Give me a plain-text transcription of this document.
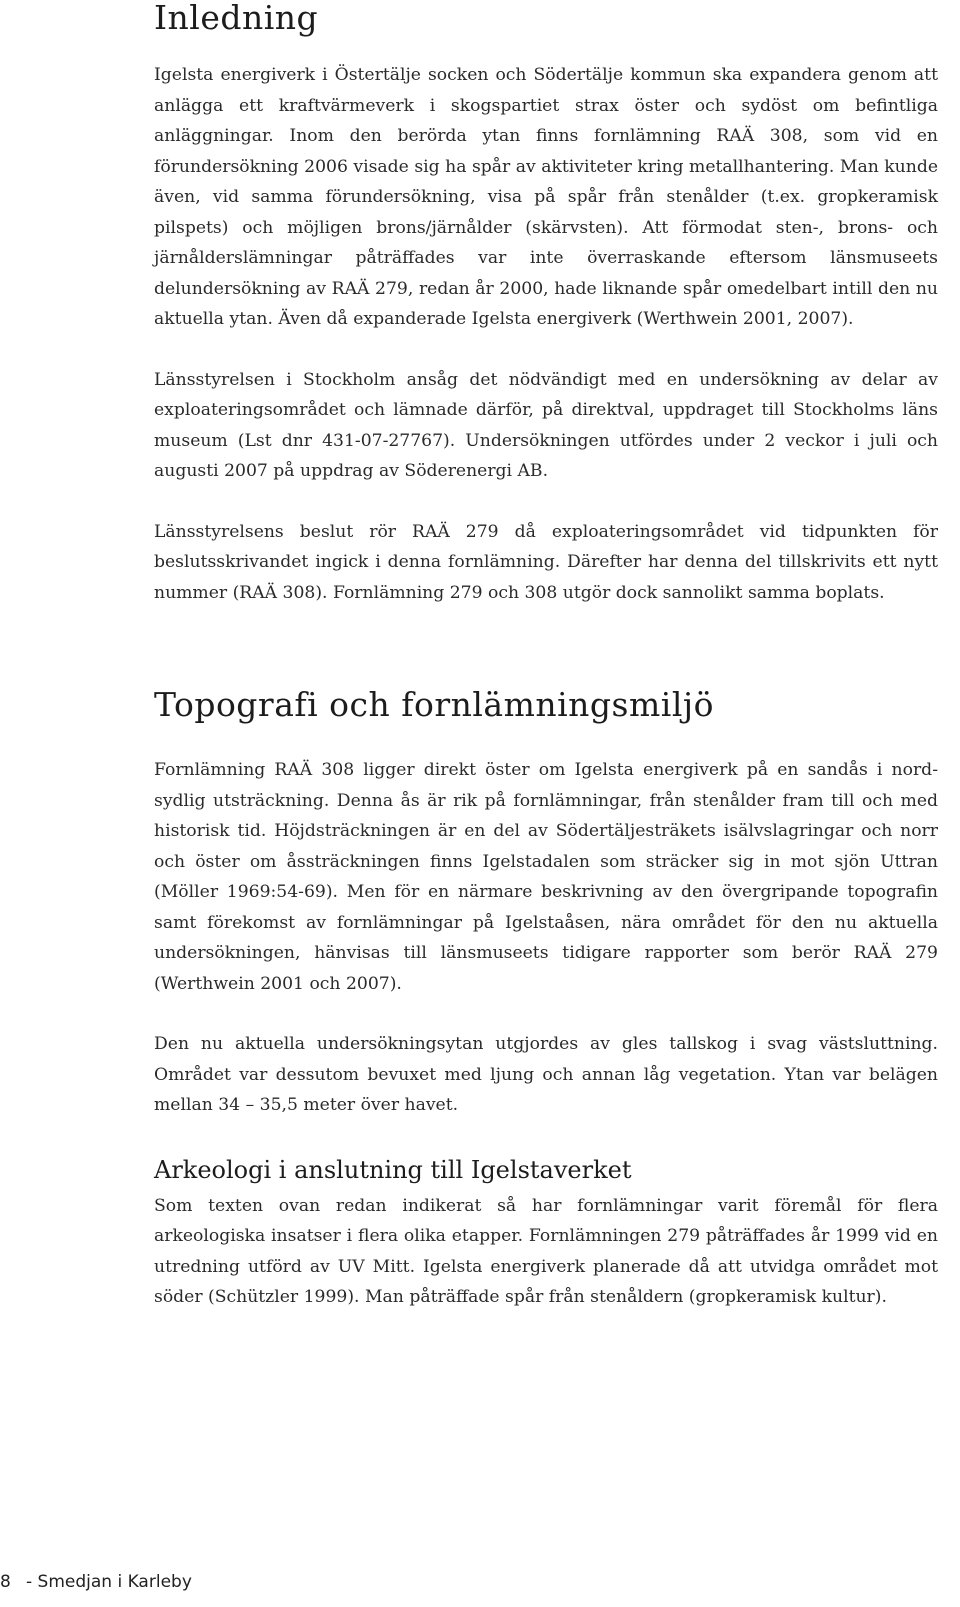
Inledning

Igelsta energiverk i Östertälje socken och Södertälje kommun ska expandera genom att anlägga ett kraftvärmeverk i skogspartiet strax öster och sydöst om befintliga anläggningar. Inom den berörda ytan finns fornlämning RAÄ 308, som vid en förundersökning 2006 visade sig ha spår av aktiviteter kring metallhantering. Man kunde även, vid samma förundersökning, visa på spår från stenålder (t.ex. gropkeramisk pilspets) och möjligen brons/järnålder (skärvsten). Att förmodat sten-, brons- och järnålderslämningar påträffades var inte överraskande eftersom länsmuseets delundersökning av RAÄ 279, redan år 2000, hade liknande spår omedelbart intill den nu aktuella ytan. Även då expanderade Igelsta energiverk (Werthwein 2001, 2007).

Länsstyrelsen i Stockholm ansåg det nödvändigt med en undersökning av delar av exploateringsområdet och lämnade därför, på direktval, uppdraget till Stockholms läns museum (Lst dnr 431-07-27767). Undersökningen utfördes under 2 veckor i juli och augusti 2007 på uppdrag av Söderenergi AB.

Länsstyrelsens beslut rör RAÄ 279 då exploateringsområdet vid tidpunkten för beslutsskrivandet ingick i denna fornlämning. Därefter har denna del tillskrivits ett nytt nummer (RAÄ 308). Fornlämning 279 och 308 utgör dock sannolikt samma boplats.

Topografi och fornlämningsmiljö

Fornlämning RAÄ 308 ligger direkt öster om Igelsta energiverk på en sandås i nord-sydlig utsträckning. Denna ås är rik på fornlämningar, från stenålder fram till och med historisk tid. Höjdsträckningen är en del av Södertäljesträkets isälvslagringar och norr och öster om åssträckningen finns Igelstadalen som sträcker sig in mot sjön Uttran (Möller 1969:54-69). Men för en närmare beskrivning av den övergripande topografin samt förekomst av fornlämningar på Igelstaåsen, nära området för den nu aktuella undersökningen, hänvisas till länsmuseets tidigare rapporter som berör RAÄ 279 (Werthwein 2001 och 2007).

Den nu aktuella undersökningsytan utgjordes av gles tallskog i svag västsluttning. Området var dessutom bevuxet med ljung och annan låg vegetation. Ytan var belägen mellan 34 – 35,5 meter över havet.

Arkeologi i anslutning till Igelstaverket

Som texten ovan redan indikerat så har fornlämningar varit föremål för flera arkeologiska insatser i flera olika etapper. Fornlämningen 279 påträffades år 1999 vid en utredning utförd av UV Mitt. Igelsta energiverk planerade då att utvidga området mot söder (Schützler 1999). Man påträffade spår från stenåldern (gropkeramisk kultur).

8 - Smedjan i Karleby
